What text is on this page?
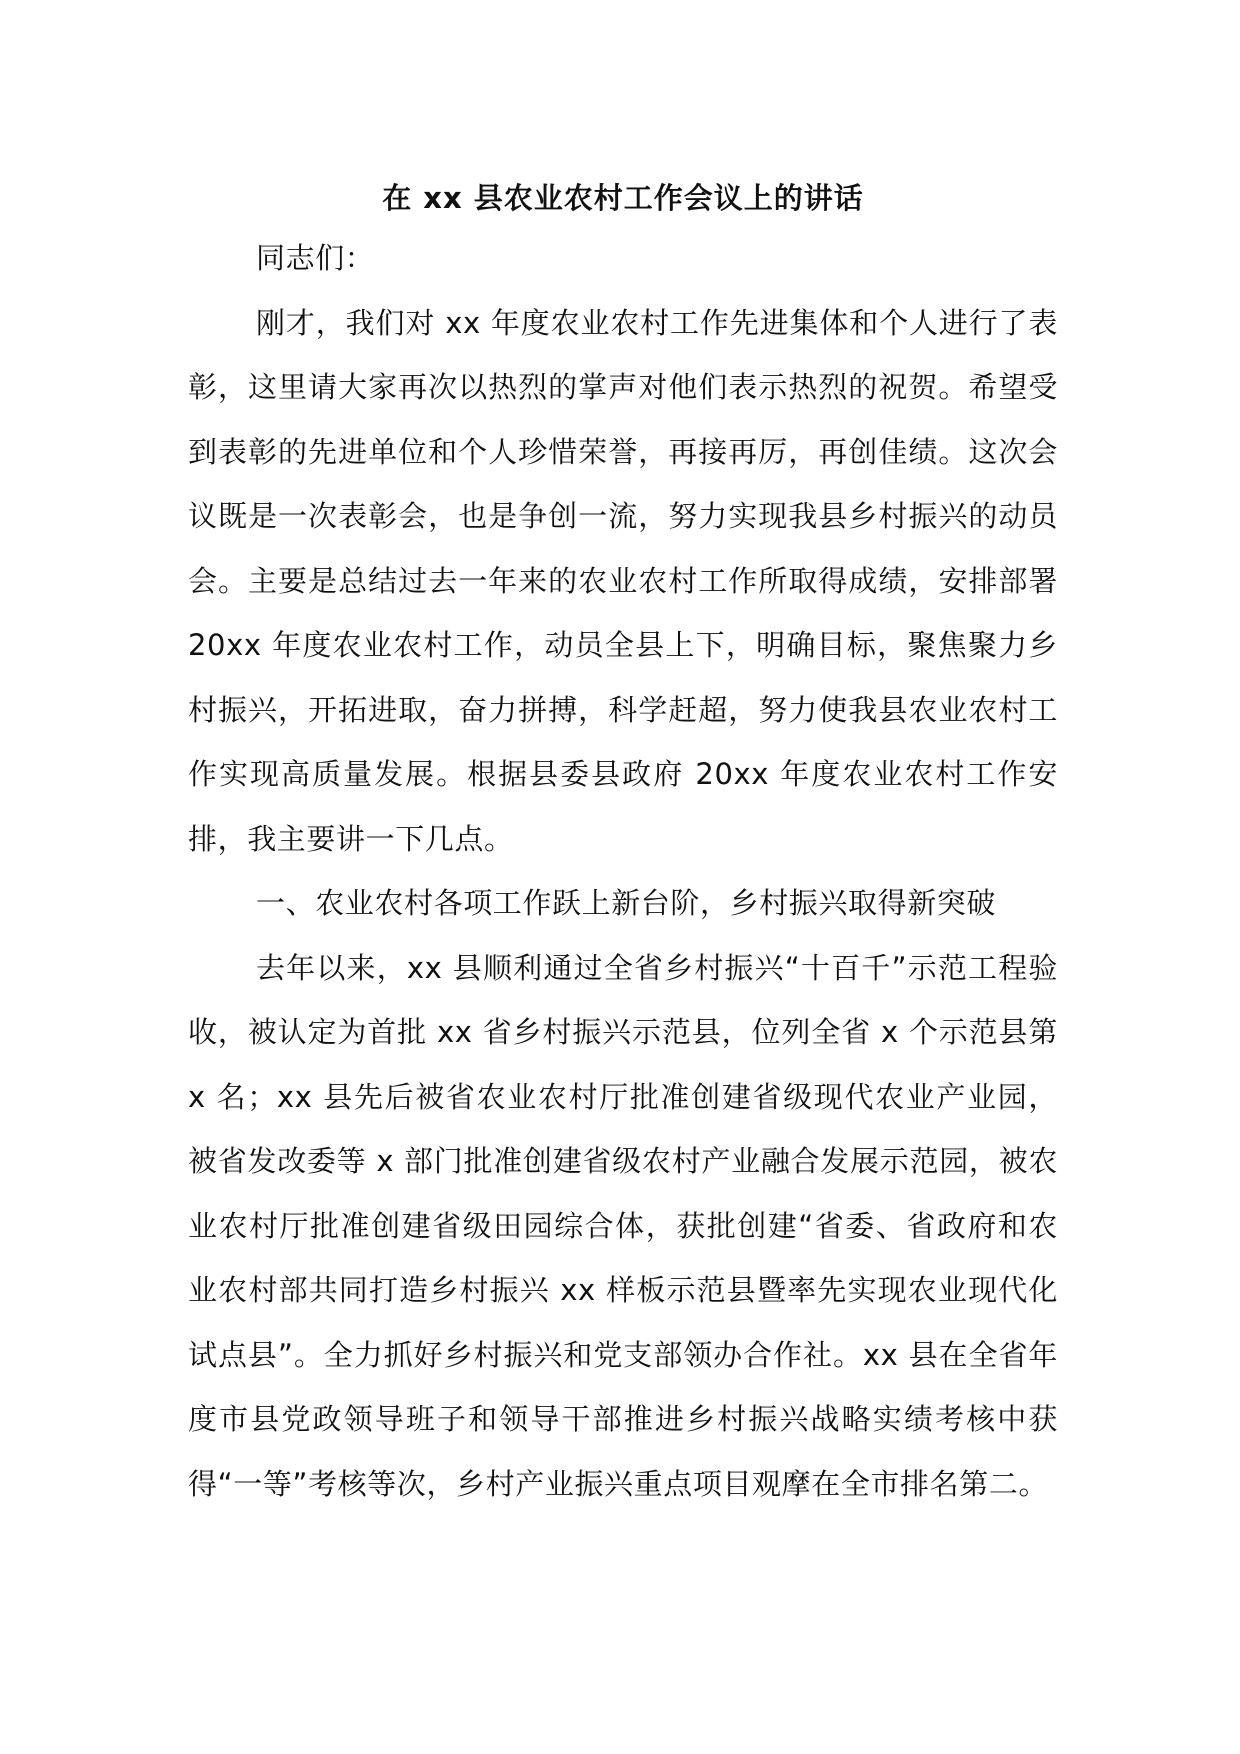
在 xx 县农业农村工作会议上的讲话

同志们：

刚才，我们对 xx 年度农业农村工作先进集体和个人进行了表彰，这里请大家再次以热烈的掌声对他们表示热烈的祝贺。希望受到表彰的先进单位和个人珍惜荣誉，再接再厉，再创佳绩。这次会议既是一次表彰会，也是争创一流，努力实现我县乡村振兴的动员会。主要是总结过去一年来的农业农村工作所取得成绩，安排部署 20xx 年度农业农村工作，动员全县上下，明确目标，聚焦聚力乡村振兴，开拓进取，奋力拼搏，科学赶超，努力使我县农业农村工作实现高质量发展。根据县委县政府 20xx 年度农业农村工作安排，我主要讲一下几点。

一、农业农村各项工作跃上新台阶，乡村振兴取得新突破

去年以来，xx 县顺利通过全省乡村振兴“十百千”示范工程验收，被认定为首批 xx 省乡村振兴示范县，位列全省 x 个示范县第 x 名；xx 县先后被省农业农村厅批准创建省级现代农业产业园，被省发改委等 x 部门批准创建省级农村产业融合发展示范园，被农业农村厅批准创建省级田园综合体，获批创建“省委、省政府和农业农村部共同打造乡村振兴 xx 样板示范县暨率先实现农业现代化试点县”。全力抓好乡村振兴和党支部领办合作社。xx 县在全省年度市县党政领导班子和领导干部推进乡村振兴战略实绩考核中获得“一等”考核等次，乡村产业振兴重点项目观摩在全市排名第二。
